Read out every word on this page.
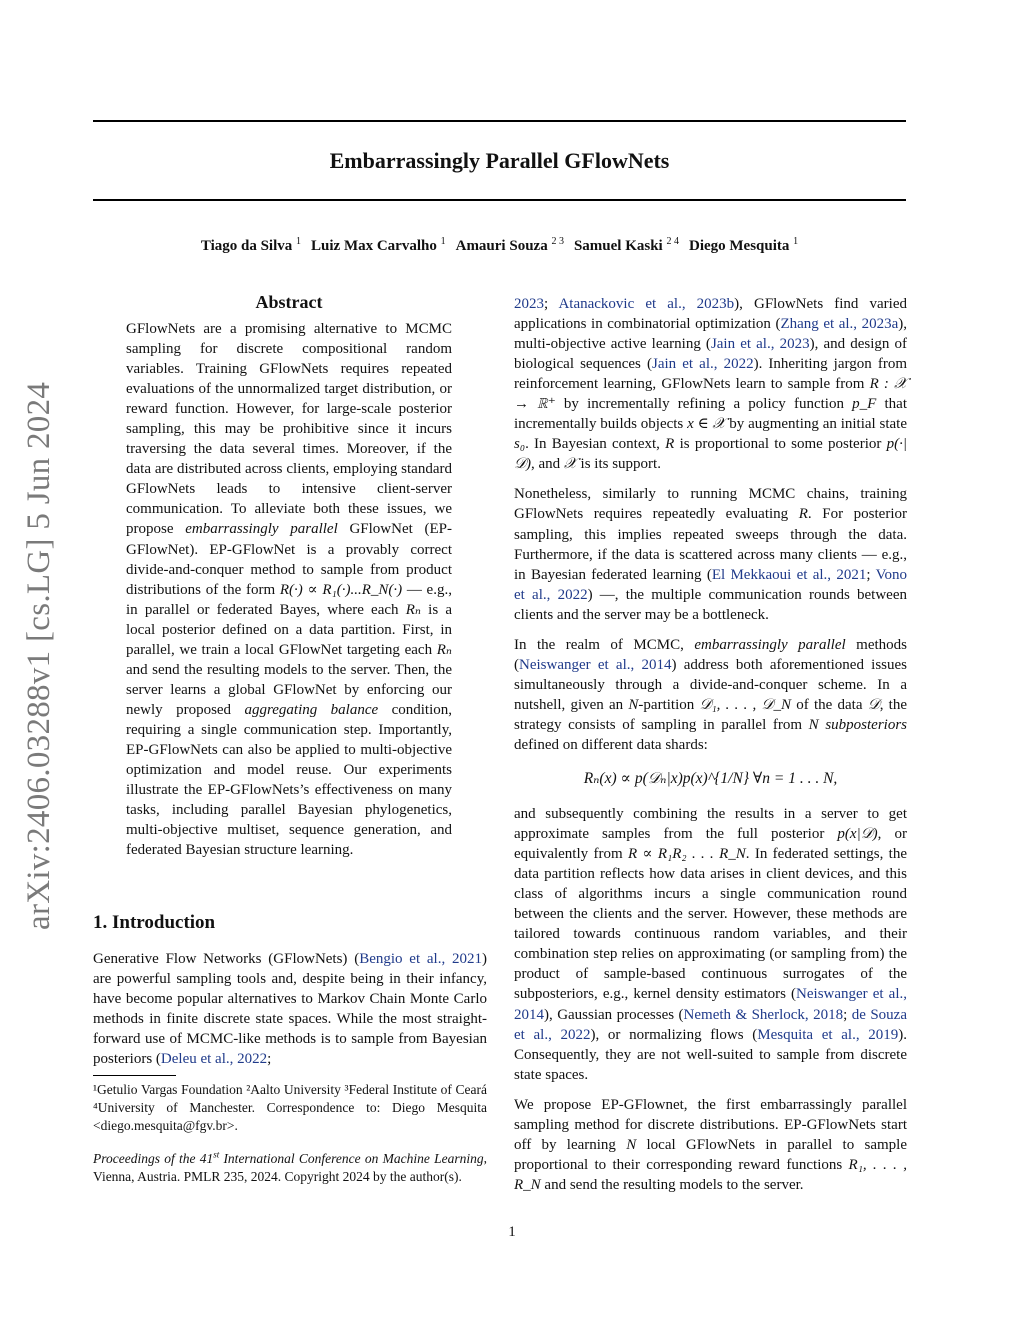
Embarrassingly Parallel GFlowNets
Tiago da Silva $^1$ Luiz Max Carvalho $^1$ Amauri Souza $^{2 3}$ Samuel Kaski $^{2 4}$ Diego Mesquita $^1$
arXiv:2406.03288v1 [cs.LG] 5 Jun 2024
Abstract

GFlowNets are a promising alternative to MCMC sampling for discrete compositional random variables. Training GFlowNets requires repeated evaluations of the unnormalized target distribution, or reward function. However, for large-scale posterior sampling, this may be prohibitive since it incurs traversing the data several times. Moreover, if the data are distributed across clients, employing standard GFlowNets leads to intensive client-server communication. To alleviate both these issues, we propose embarrassingly parallel GFlowNet (EP-GFlowNet). EP-GFlowNet is a provably correct divide-and-conquer method to sample from product distributions of the form R(·) ∝ R₁(·)...R_N(·) — e.g., in parallel or federated Bayes, where each Rₙ is a local posterior defined on a data partition. First, in parallel, we train a local GFlowNet targeting each Rₙ and send the resulting models to the server. Then, the server learns a global GFlowNet by enforcing our newly proposed aggregating balance condition, requiring a single communication step. Importantly, EP-GFlowNets can also be applied to multi-objective optimization and model reuse. Our experiments illustrate the EP-GFlowNets’s effectiveness on many tasks, including parallel Bayesian phylogenetics, multi-objective multiset, sequence generation, and federated Bayesian structure learning.

1. Introduction

Generative Flow Networks (GFlowNets) (Bengio et al., 2021) are powerful sampling tools and, despite being in their infancy, have become popular alternatives to Markov Chain Monte Carlo methods in finite discrete state spaces. While the most straight-forward use of MCMC-like methods is to sample from Bayesian posteriors (Deleu et al., 2022;

¹Getulio Vargas Foundation ²Aalto University ³Federal Institute of Ceará ⁴University of Manchester. Correspondence to: Diego Mesquita <diego.mesquita@fgv.br>.

Proceedings of the 41st International Conference on Machine Learning, Vienna, Austria. PMLR 235, 2024. Copyright 2024 by the author(s).

2023; Atanackovic et al., 2023b), GFlowNets find varied applications in combinatorial optimization (Zhang et al., 2023a), multi-objective active learning (Jain et al., 2023), and design of biological sequences (Jain et al., 2022). Inheriting jargon from reinforcement learning, GFlowNets learn to sample from R : 𝒳 → ℝ⁺ by incrementally refining a policy function p_F that incrementally builds objects x ∈ 𝒳 by augmenting an initial state s₀. In Bayesian context, R is proportional to some posterior p(·|𝒟), and 𝒳 is its support.

Nonetheless, similarly to running MCMC chains, training GFlowNets requires repeatedly evaluating R. For posterior sampling, this implies repeated sweeps through the data. Furthermore, if the data is scattered across many clients — e.g., in Bayesian federated learning (El Mekkaoui et al., 2021; Vono et al., 2022) —, the multiple communication rounds between clients and the server may be a bottleneck.

In the realm of MCMC, embarrassingly parallel methods (Neiswanger et al., 2014) address both aforementioned issues simultaneously through a divide-and-conquer scheme. In a nutshell, given an N-partition 𝒟₁, . . . , 𝒟_N of the data 𝒟, the strategy consists of sampling in parallel from N subposteriors defined on different data shards:

Rₙ(x) ∝ p(𝒟ₙ|x)p(x)^{1/N} ∀n = 1 . . . N,

and subsequently combining the results in a server to get approximate samples from the full posterior p(x|𝒟), or equivalently from R ∝ R₁R₂ . . . R_N. In federated settings, the data partition reflects how data arises in client devices, and this class of algorithms incurs a single communication round between the clients and the server. However, these methods are tailored towards continuous random variables, and their combination step relies on approximating (or sampling from) the product of sample-based continuous surrogates of the subposteriors, e.g., kernel density estimators (Neiswanger et al., 2014), Gaussian processes (Nemeth & Sherlock, 2018; de Souza et al., 2022), or normalizing flows (Mesquita et al., 2019). Consequently, they are not well-suited to sample from discrete state spaces.

We propose EP-GFlownet, the first embarrassingly parallel sampling method for discrete distributions. EP-GFlowNets start off by learning N local GFlowNets in parallel to sample proportional to their corresponding reward functions R₁, . . . , R_N and send the resulting models to the server.

1
